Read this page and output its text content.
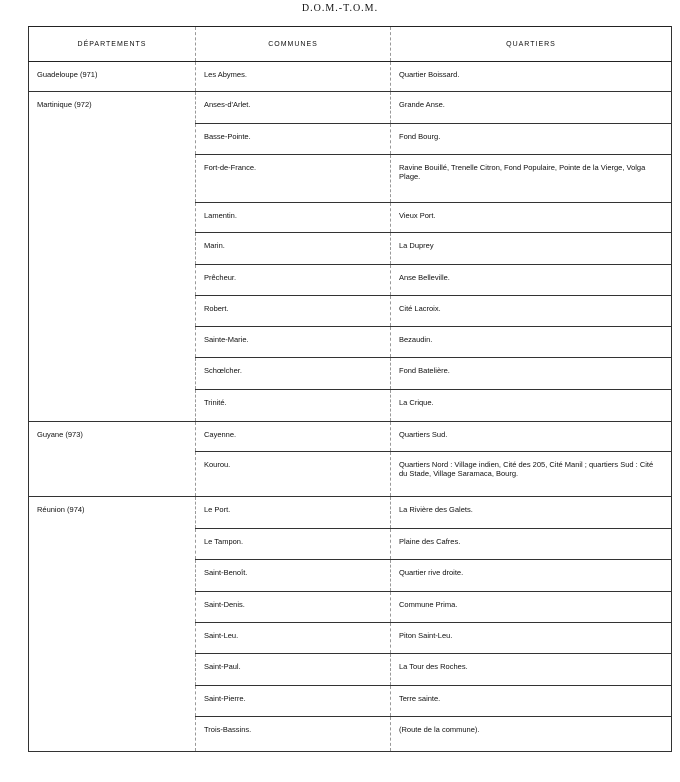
D.O.M.-T.O.M.
DÉPARTEMENTS	COMMUNES	QUARTIERS
Guadeloupe (971)	Les Abymes.	Quartier Boissard.
Martinique (972)	Anses-d'Arlet.	Grande Anse.
	Basse-Pointe.	Fond Bourg.
	Fort-de-France.	Ravine Bouillé, Trenelle Citron, Fond Populaire, Pointe de la Vierge, Volga Plage.
	Lamentin.	Vieux Port.
	Marin.	La Duprey
	Prêcheur.	Anse Belleville.
	Robert.	Cité Lacroix.
	Sainte-Marie.	Bezaudin.
	Schœlcher.	Fond Batelière.
	Trinité.	La Crique.
Guyane (973)	Cayenne.	Quartiers Sud.
	Kourou.	Quartiers Nord : Village indien, Cité des 205, Cité Manil ; quartiers Sud : Cité du Stade, Village Saramaca, Bourg.
Réunion (974)	Le Port.	La Rivière des Galets.
	Le Tampon.	Plaine des Cafres.
	Saint-Benoît.	Quartier rive droite.
	Saint-Denis.	Commune Prima.
	Saint-Leu.	Piton Saint-Leu.
	Saint-Paul.	La Tour des Roches.
	Saint-Pierre.	Terre sainte.
	Trois-Bassins.	(Route de la commune).
